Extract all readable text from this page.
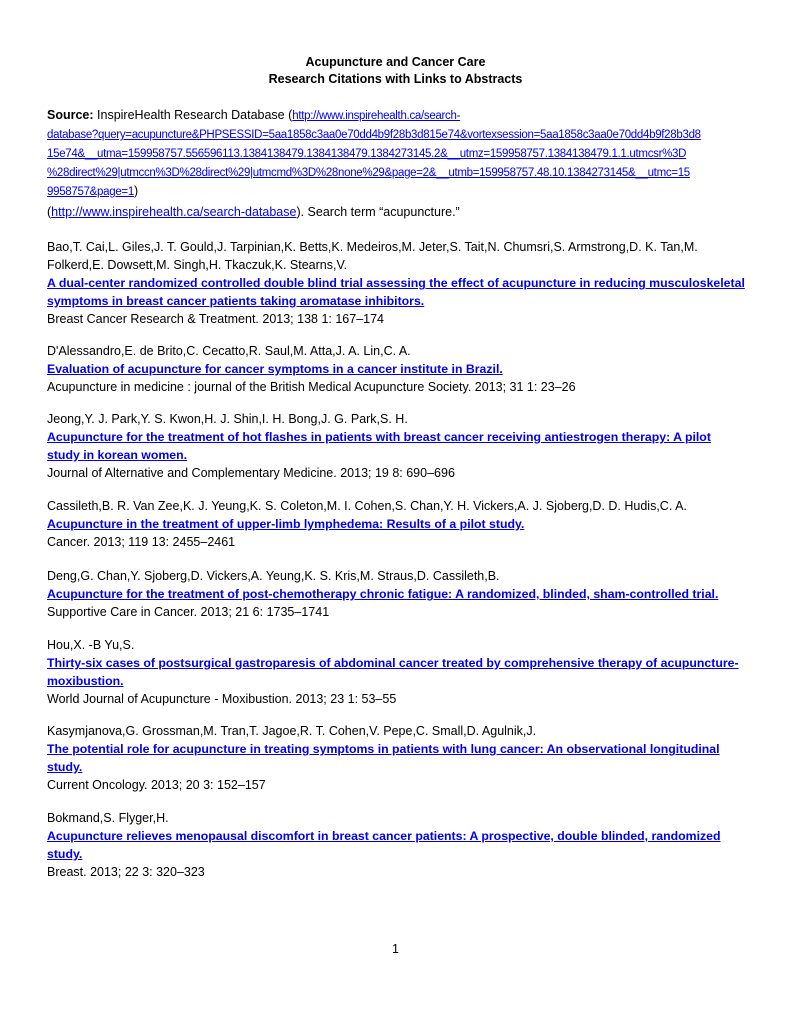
Acupuncture and Cancer Care
Research Citations with Links to Abstracts
Source: InspireHealth Research Database (http://www.inspirehealth.ca/search-
database?query=acupuncture&PHPSESSID=5aa1858c3aa0e70dd4b9f28b3d815e74&vortexsession=5aa1858c3aa0e70dd4b9f28b3d8
15e74&__utma=159958757.556596113.1384138479.1384138479.1384273145.2&__utmz=159958757.1384138479.1.1.utmcsr%3D
%28direct%29|utmccn%3D%28direct%29|utmcmd%3D%28none%29&page=2&__utmb=159958757.48.10.1384273145&__utmc=15
9958757&page=1)
(http://www.inspirehealth.ca/search-database). Search term “acupuncture.”
Bao,T. Cai,L. Giles,J. T. Gould,J. Tarpinian,K. Betts,K. Medeiros,M. Jeter,S. Tait,N. Chumsri,S. Armstrong,D. K. Tan,M. Folkerd,E. Dowsett,M. Singh,H. Tkaczuk,K. Stearns,V.
A dual-center randomized controlled double blind trial assessing the effect of acupuncture in reducing musculoskeletal symptoms in breast cancer patients taking aromatase inhibitors.
Breast Cancer Research & Treatment. 2013; 138 1: 167–174
D'Alessandro,E. de Brito,C. Cecatto,R. Saul,M. Atta,J. A. Lin,C. A.
Evaluation of acupuncture for cancer symptoms in a cancer institute in Brazil.
Acupuncture in medicine : journal of the British Medical Acupuncture Society. 2013; 31 1: 23–26
Jeong,Y. J. Park,Y. S. Kwon,H. J. Shin,I. H. Bong,J. G. Park,S. H.
Acupuncture for the treatment of hot flashes in patients with breast cancer receiving antiestrogen therapy: A pilot study in korean women.
Journal of Alternative and Complementary Medicine. 2013; 19 8: 690–696
Cassileth,B. R. Van Zee,K. J. Yeung,K. S. Coleton,M. I. Cohen,S. Chan,Y. H. Vickers,A. J. Sjoberg,D. D. Hudis,C. A.
Acupuncture in the treatment of upper-limb lymphedema: Results of a pilot study.
Cancer. 2013; 119 13: 2455–2461
Deng,G. Chan,Y. Sjoberg,D. Vickers,A. Yeung,K. S. Kris,M. Straus,D. Cassileth,B.
Acupuncture for the treatment of post-chemotherapy chronic fatigue: A randomized, blinded, sham-controlled trial.
Supportive Care in Cancer. 2013; 21 6: 1735–1741
Hou,X. -B Yu,S.
Thirty-six cases of postsurgical gastroparesis of abdominal cancer treated by comprehensive therapy of acupuncture-moxibustion.
World Journal of Acupuncture - Moxibustion. 2013; 23 1: 53–55
Kasymjanova,G. Grossman,M. Tran,T. Jagoe,R. T. Cohen,V. Pepe,C. Small,D. Agulnik,J.
The potential role for acupuncture in treating symptoms in patients with lung cancer: An observational longitudinal study.
Current Oncology. 2013; 20 3: 152–157
Bokmand,S. Flyger,H.
Acupuncture relieves menopausal discomfort in breast cancer patients: A prospective, double blinded, randomized study.
Breast. 2013; 22 3: 320–323
1
